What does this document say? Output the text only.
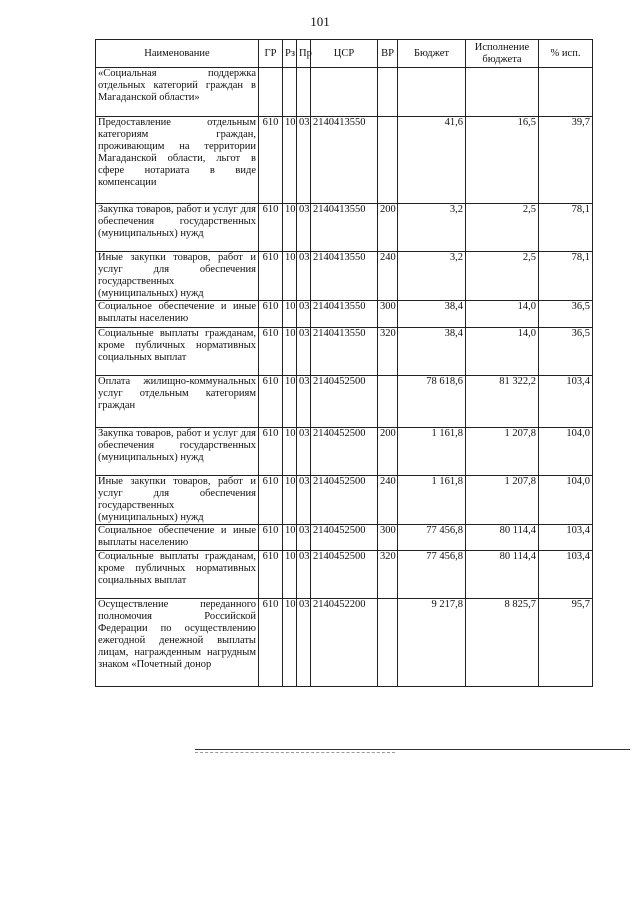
101
Наименование	ГР	Рз	Пр	ЦСР	ВР	Бюджет	Исполнение бюджета	% исп.
«Социальная поддержка отдельных категорий граждан в Магаданской области»								
Предоставление отдельным категориям граждан, проживающим на территории Магаданской области, льгот в сфере нотариата в виде компенсации	610	10	03	2140413550		41,6	16,5	39,7
Закупка товаров, работ и услуг для обеспечения государственных (муниципальных) нужд	610	10	03	2140413550	200	3,2	2,5	78,1
Иные закупки товаров, работ и услуг для обеспечения государственных (муниципальных) нужд	610	10	03	2140413550	240	3,2	2,5	78,1
Социальное обеспечение и иные выплаты населению	610	10	03	2140413550	300	38,4	14,0	36,5
Социальные выплаты гражданам, кроме публичных нормативных социальных выплат	610	10	03	2140413550	320	38,4	14,0	36,5
Оплата жилищно-коммунальных услуг отдельным категориям граждан	610	10	03	2140452500		78 618,6	81 322,2	103,4
Закупка товаров, работ и услуг для обеспечения государственных (муниципальных) нужд	610	10	03	2140452500	200	1 161,8	1 207,8	104,0
Иные закупки товаров, работ и услуг для обеспечения государственных (муниципальных) нужд	610	10	03	2140452500	240	1 161,8	1 207,8	104,0
Социальное обеспечение и иные выплаты населению	610	10	03	2140452500	300	77 456,8	80 114,4	103,4
Социальные выплаты гражданам, кроме публичных нормативных социальных выплат	610	10	03	2140452500	320	77 456,8	80 114,4	103,4
Осуществление переданного полномочия Российской Федерации по осуществлению ежегодной денежной выплаты лицам, награжденным нагрудным знаком «Почетный донор	610	10	03	2140452200		9 217,8	8 825,7	95,7
